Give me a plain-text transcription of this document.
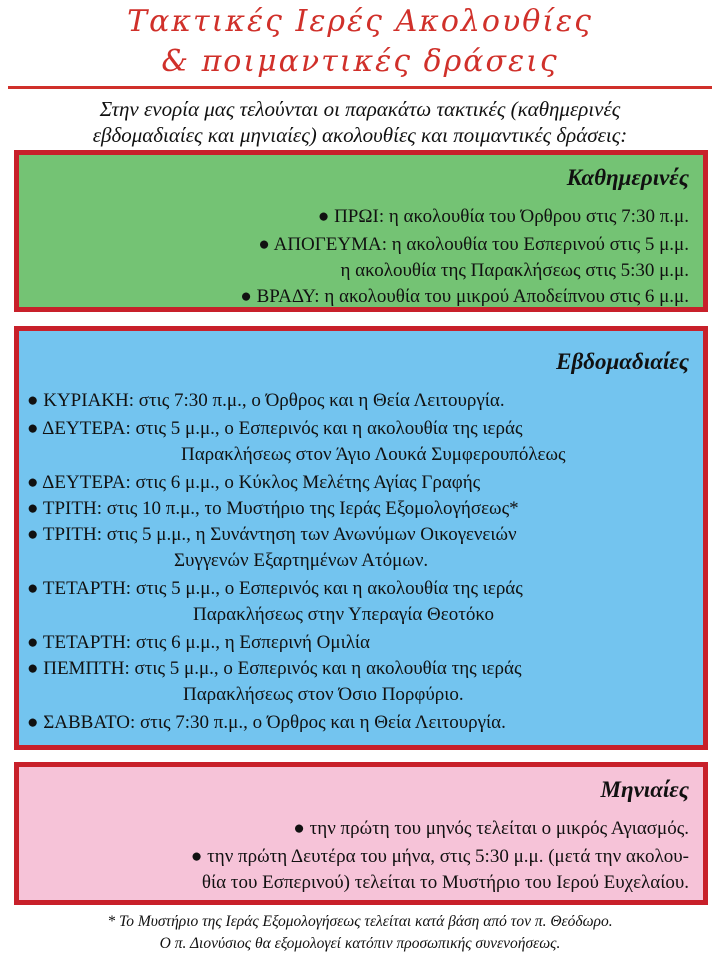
Τακτικές Ιερές Ακολουθίες
& ποιμαντικές δράσεις
Στην ενορία μας τελούνται οι παρακάτω τακτικές (καθημερινές
εβδομαδιαίες και μηνιαίες) ακολουθίες και ποιμαντικές δράσεις:
Καθημερινές
● ΠΡΩΙ: η ακολουθία του Όρθρου στις 7:30 π.μ.
● ΑΠΟΓΕΥΜΑ: η ακολουθία του Εσπερινού στις 5 μ.μ.
η ακολουθία της Παρακλήσεως στις 5:30 μ.μ.
● ΒΡΑΔΥ: η ακολουθία του μικρού Αποδείπνου στις 6 μ.μ.
Εβδομαδιαίες
● ΚΥΡΙΑΚΗ: στις 7:30 π.μ., ο Όρθρος και η Θεία Λειτουργία.
● ΔΕΥΤΕΡΑ: στις 5 μ.μ., ο Εσπερινός και η ακολουθία της ιεράς
Παρακλήσεως στον Άγιο Λουκά Συμφερουπόλεως
● ΔΕΥΤΕΡΑ: στις 6 μ.μ., ο Κύκλος Μελέτης Αγίας Γραφής
● ΤΡΙΤΗ: στις 10 π.μ., το Μυστήριο της Ιεράς Εξομολογήσεως*
● ΤΡΙΤΗ: στις 5 μ.μ., η Συνάντηση των Ανωνύμων Οικογενειών
Συγγενών Εξαρτημένων Ατόμων.
● ΤΕΤΑΡΤΗ: στις 5 μ.μ., ο Εσπερινός και η ακολουθία της ιεράς
Παρακλήσεως στην Υπεραγία Θεοτόκο
● ΤΕΤΑΡΤΗ: στις 6 μ.μ., η Εσπερινή Ομιλία
● ΠΕΜΠΤΗ: στις 5 μ.μ., ο Εσπερινός και η ακολουθία της ιεράς
Παρακλήσεως στον Όσιο Πορφύριο.
● ΣΑΒΒΑΤΟ: στις 7:30 π.μ., ο Όρθρος και η Θεία Λειτουργία.
Μηνιαίες
● την πρώτη του μηνός τελείται ο μικρός Αγιασμός.
● την πρώτη Δευτέρα του μήνα, στις 5:30 μ.μ. (μετά την ακολου-
θία του Εσπερινού) τελείται το Μυστήριο του Ιερού Ευχελαίου.
* Το Μυστήριο της Ιεράς Εξομολογήσεως τελείται κατά βάση από τον π. Θεόδωρο.
Ο π. Διονύσιος θα εξομολογεί κατόπιν προσωπικής συνενοήσεως.
